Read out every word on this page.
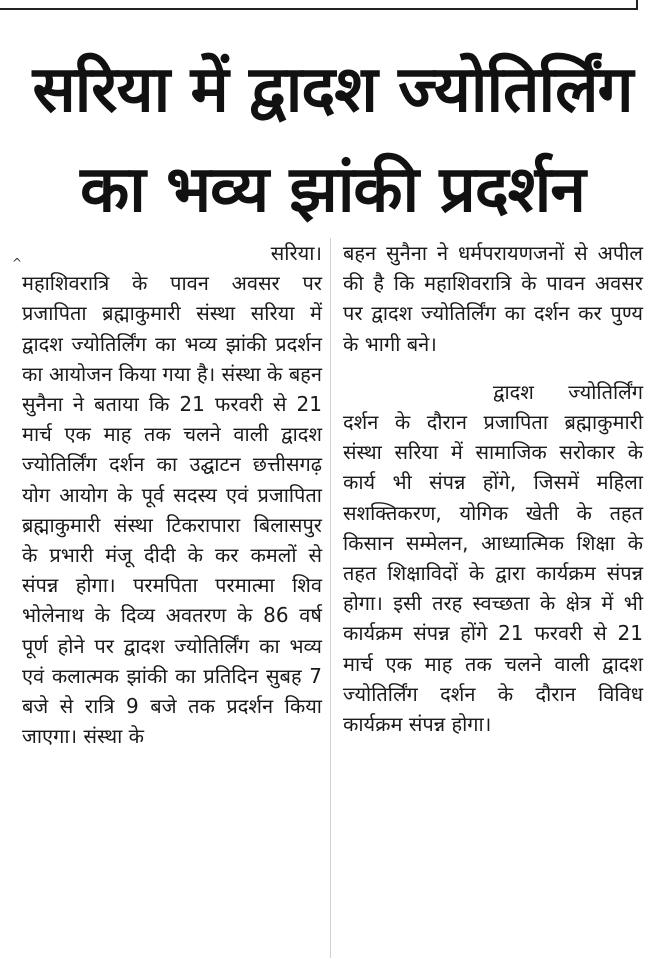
सरिया में द्वादश ज्योतिर्लिंग
का भव्य झांकी प्रदर्शन
^	सरिया।

महाशिवरात्रि के पावन अवसर पर प्रजापिता ब्रह्माकुमारी संस्था सरिया में द्वादश ज्योतिर्लिंग का भव्य झांकी प्रदर्शन का आयोजन किया गया है। संस्था के बहन सुनैना ने बताया कि 21 फरवरी से 21 मार्च एक माह तक चलने वाली द्वादश ज्योतिर्लिंग दर्शन का उद्घाटन छत्तीसगढ़ योग आयोग के पूर्व सदस्य एवं प्रजापिता ब्रह्माकुमारी संस्था टिकरापारा बिलासपुर के प्रभारी मंजू दीदी के कर कमलों से संपन्न होगा। परमपिता परमात्मा शिव भोलेनाथ के दिव्य अवतरण के 86 वर्ष पूर्ण होने पर द्वादश ज्योतिर्लिंग का भव्य एवं कलात्मक झांकी का प्रतिदिन सुबह 7 बजे से रात्रि 9 बजे तक प्रदर्शन किया जाएगा। संस्था के

बहन सुनैना ने धर्मपरायणजनों से अपील की है कि महाशिवरात्रि के पावन अवसर पर द्वादश ज्योतिर्लिंग का दर्शन कर पुण्य के भागी बने।

द्वादश ज्योतिर्लिंग दर्शन के दौरान प्रजापिता ब्रह्माकुमारी संस्था सरिया में सामाजिक सरोकार के कार्य भी संपन्न होंगे, जिसमें महिला सशक्तिकरण, योगिक खेती के तहत किसान सम्मेलन, आध्यात्मिक शिक्षा के तहत शिक्षाविदों के द्वारा कार्यक्रम संपन्न होगा। इसी तरह स्वच्छता के क्षेत्र में भी कार्यक्रम संपन्न होंगे 21 फरवरी से 21 मार्च एक माह तक चलने वाली द्वादश ज्योतिर्लिंग दर्शन के दौरान विविध कार्यक्रम संपन्न होगा।
